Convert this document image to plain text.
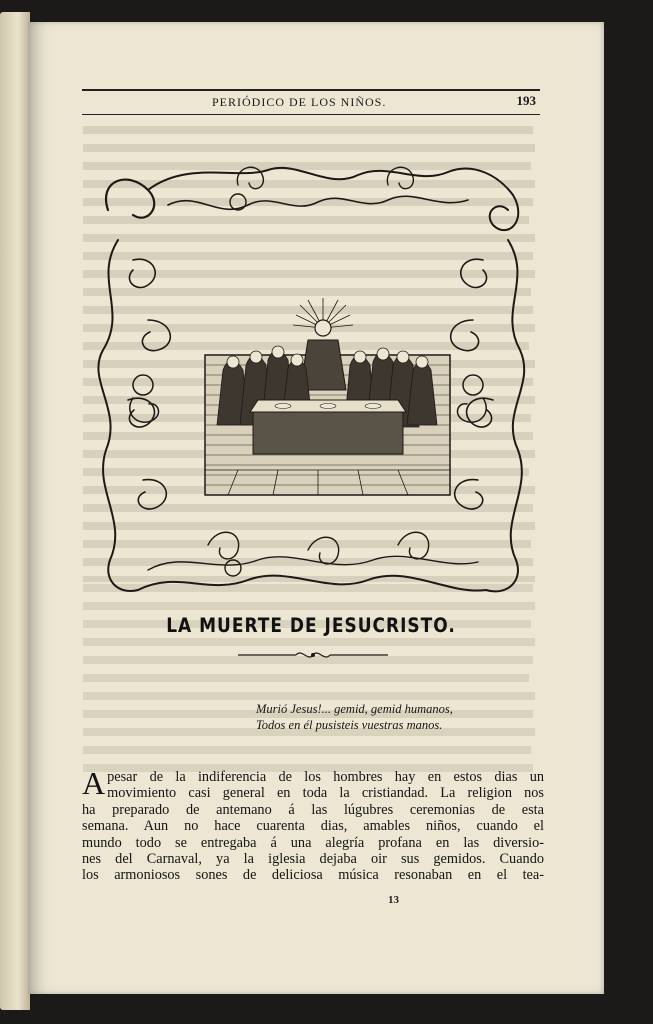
PERIÓDICO DE LOS NIÑOS.	193
LA MUERTE DE JESUCRISTO.
Murió Jesus!... gemid, gemid humanos,
Todos en él pusisteis vuestras manos.
A pesar de la indiferencia de los hombres hay en estos dias un
movimiento casi general en toda la cristiandad. La religion nos
ha preparado de antemano á las lúgubres ceremonias de esta
semana. Aun no hace cuarenta dias, amables niños, cuando el
mundo todo se entregaba á una alegría profana en las diversio-
nes del Carnaval, ya la iglesia dejaba oir sus gemidos. Cuando
los armoniosos sones de deliciosa música resonaban en el tea-
13
